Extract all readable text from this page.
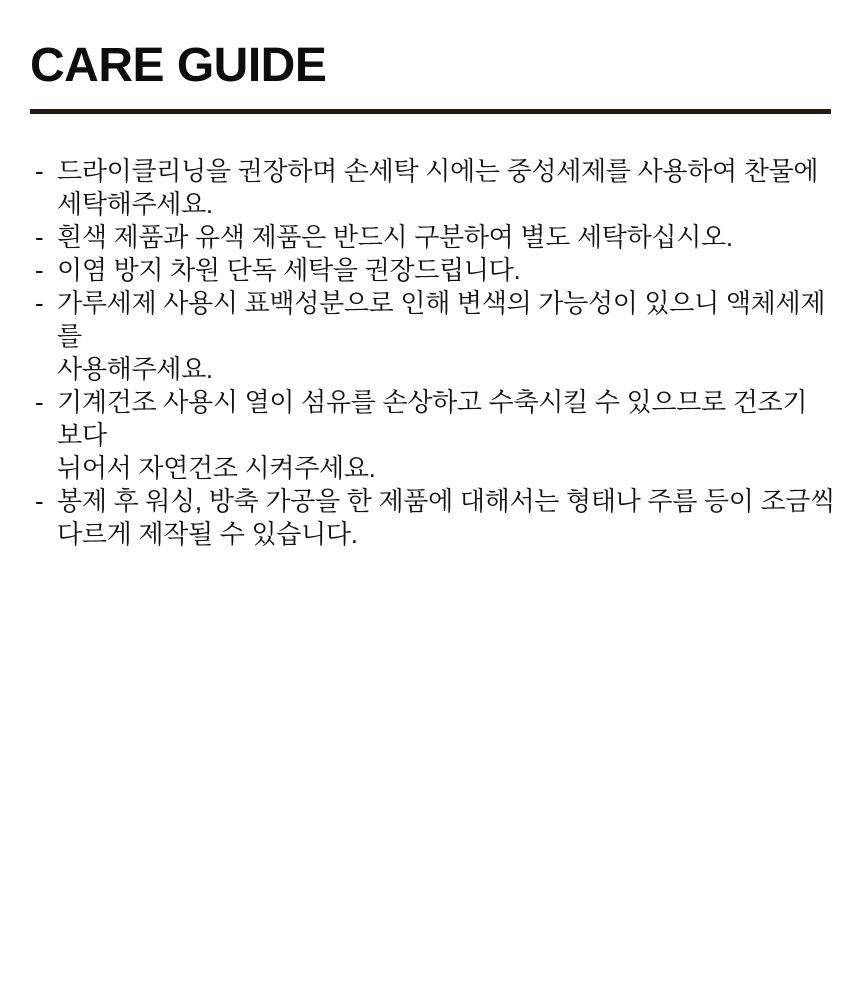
CARE GUIDE
- 드라이클리닝을 권장하며 손세탁 시에는 중성세제를 사용하여 찬물에
세탁해주세요.
- 흰색 제품과 유색 제품은 반드시 구분하여 별도 세탁하십시오.
- 이염 방지 차원 단독 세탁을 권장드립니다.
- 가루세제 사용시 표백성분으로 인해 변색의 가능성이 있으니 액체세제를
사용해주세요.
- 기계건조 사용시 열이 섬유를 손상하고 수축시킬 수 있으므로 건조기 보다
뉘어서 자연건조 시켜주세요.
- 봉제 후 워싱, 방축 가공을 한 제품에 대해서는 형태나 주름 등이 조금씩
다르게 제작될 수 있습니다.
